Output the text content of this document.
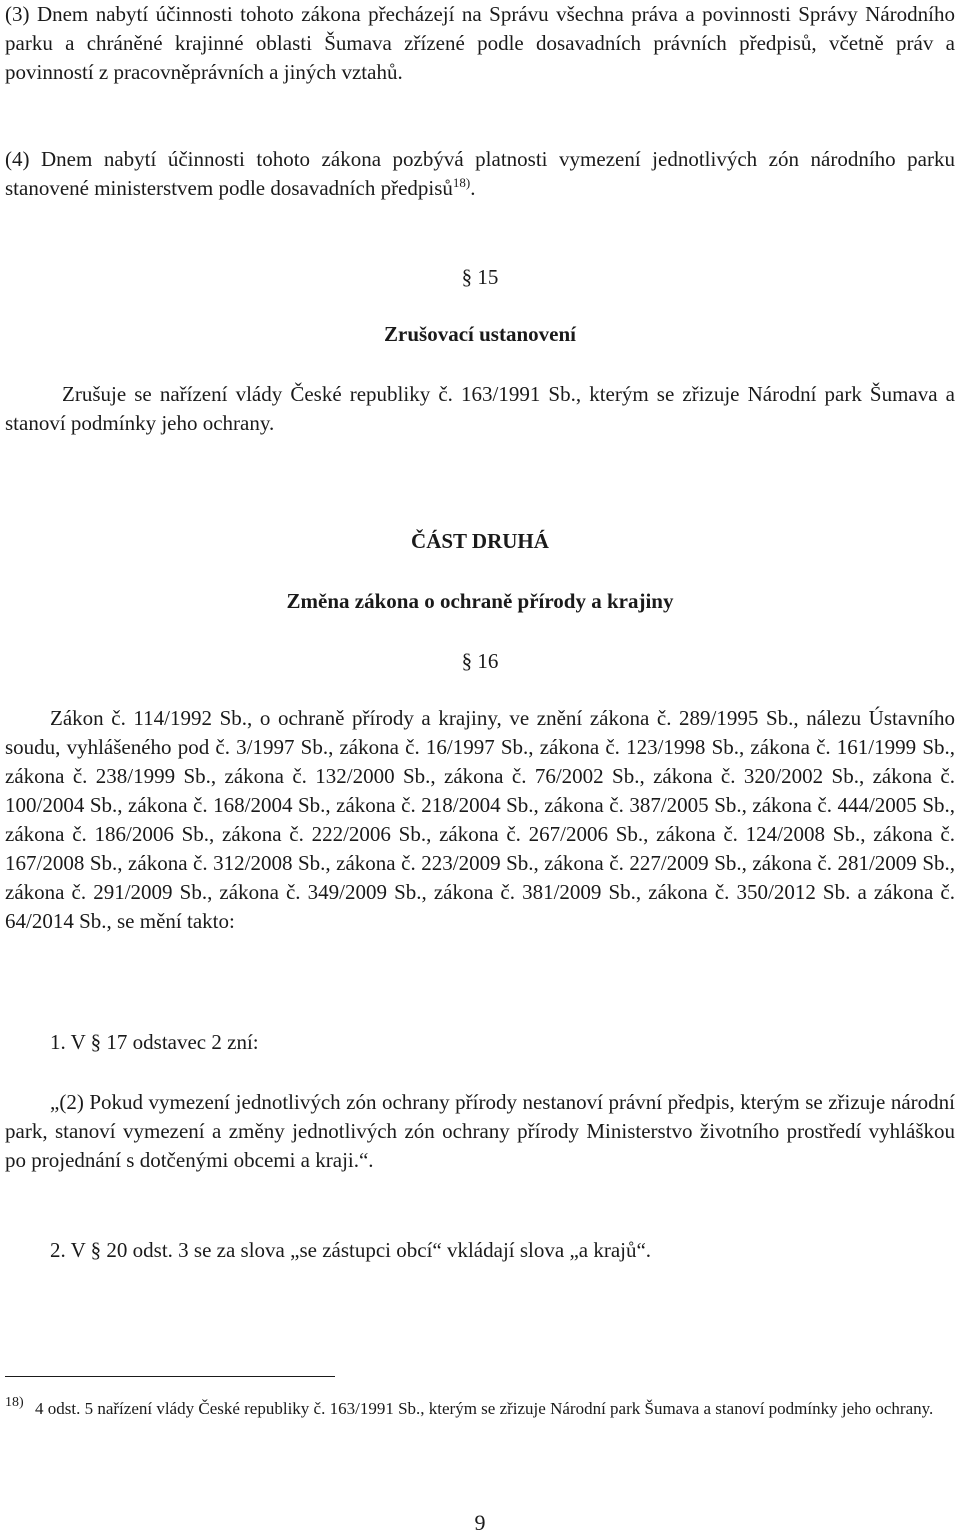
(3) Dnem nabytí účinnosti tohoto zákona přecházejí na Správu všechna práva a povinnosti Správy Národního parku a chráněné krajinné oblasti Šumava zřízené podle dosavadních právních předpisů, včetně práv a povinností z pracovněprávních a jiných vztahů.

(4) Dnem nabytí účinnosti tohoto zákona pozbývá platnosti vymezení jednotlivých zón národního parku stanovené ministerstvem podle dosavadních předpisů$^{18)}$.

§ 15
Zrušovací ustanovení

Zrušuje se nařízení vlády České republiky č. 163/1991 Sb., kterým se zřizuje Národní park Šumava a stanoví podmínky jeho ochrany.

ČÁST DRUHÁ
Změna zákona o ochraně přírody a krajiny
§ 16

Zákon č. 114/1992 Sb., o ochraně přírody a krajiny, ve znění zákona č. 289/1995 Sb., nálezu Ústavního soudu, vyhlášeného pod č. 3/1997 Sb., zákona č. 16/1997 Sb., zákona č. 123/1998 Sb., zákona č. 161/1999 Sb., zákona č. 238/1999 Sb., zákona č. 132/2000 Sb., zákona č. 76/2002 Sb., zákona č. 320/2002 Sb., zákona č. 100/2004 Sb., zákona č. 168/2004 Sb., zákona č. 218/2004 Sb., zákona č. 387/2005 Sb., zákona č. 444/2005 Sb., zákona č. 186/2006 Sb., zákona č. 222/2006 Sb., zákona č. 267/2006 Sb., zákona č. 124/2008 Sb., zákona č. 167/2008 Sb., zákona č. 312/2008 Sb., zákona č. 223/2009 Sb., zákona č. 227/2009 Sb., zákona č. 281/2009 Sb., zákona č. 291/2009 Sb., zákona č. 349/2009 Sb., zákona č. 381/2009 Sb., zákona č. 350/2012 Sb. a zákona č. 64/2014 Sb., se mění takto:

1. V § 17 odstavec 2 zní:

„(2) Pokud vymezení jednotlivých zón ochrany přírody nestanoví právní předpis, kterým se zřizuje národní park, stanoví vymezení a změny jednotlivých zón ochrany přírody Ministerstvo životního prostředí vyhláškou po projednání s dotčenými obcemi a kraji.“.

2. V § 20 odst. 3 se za slova „se zástupci obcí“ vkládají slova „a krajů“.
18) 4 odst. 5 nařízení vlády České republiky č. 163/1991 Sb., kterým se zřizuje Národní park Šumava a stanoví podmínky jeho ochrany.

9
